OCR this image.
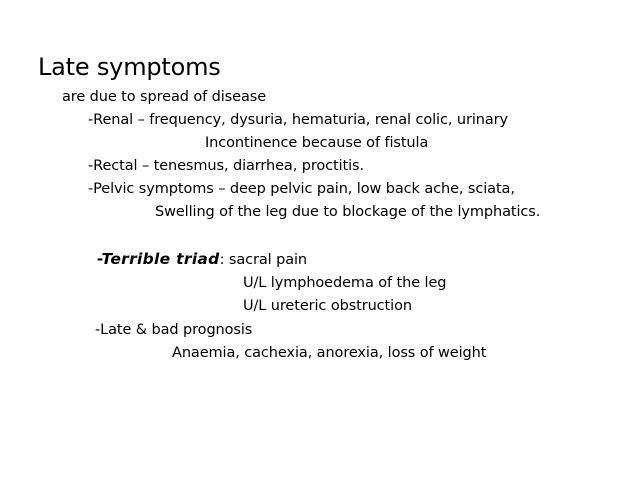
Late symptoms
are due to spread of disease
-Renal – frequency, dysuria, hematuria, renal colic, urinary
Incontinence because of fistula
-Rectal – tenesmus, diarrhea, proctitis.
-Pelvic symptoms – deep pelvic pain, low back ache, sciata,
Swelling of the leg due to blockage of the lymphatics.
-Terrible triad: sacral pain
U/L lymphoedema of the leg
U/L ureteric obstruction
-Late & bad prognosis
Anaemia, cachexia, anorexia, loss of weight
